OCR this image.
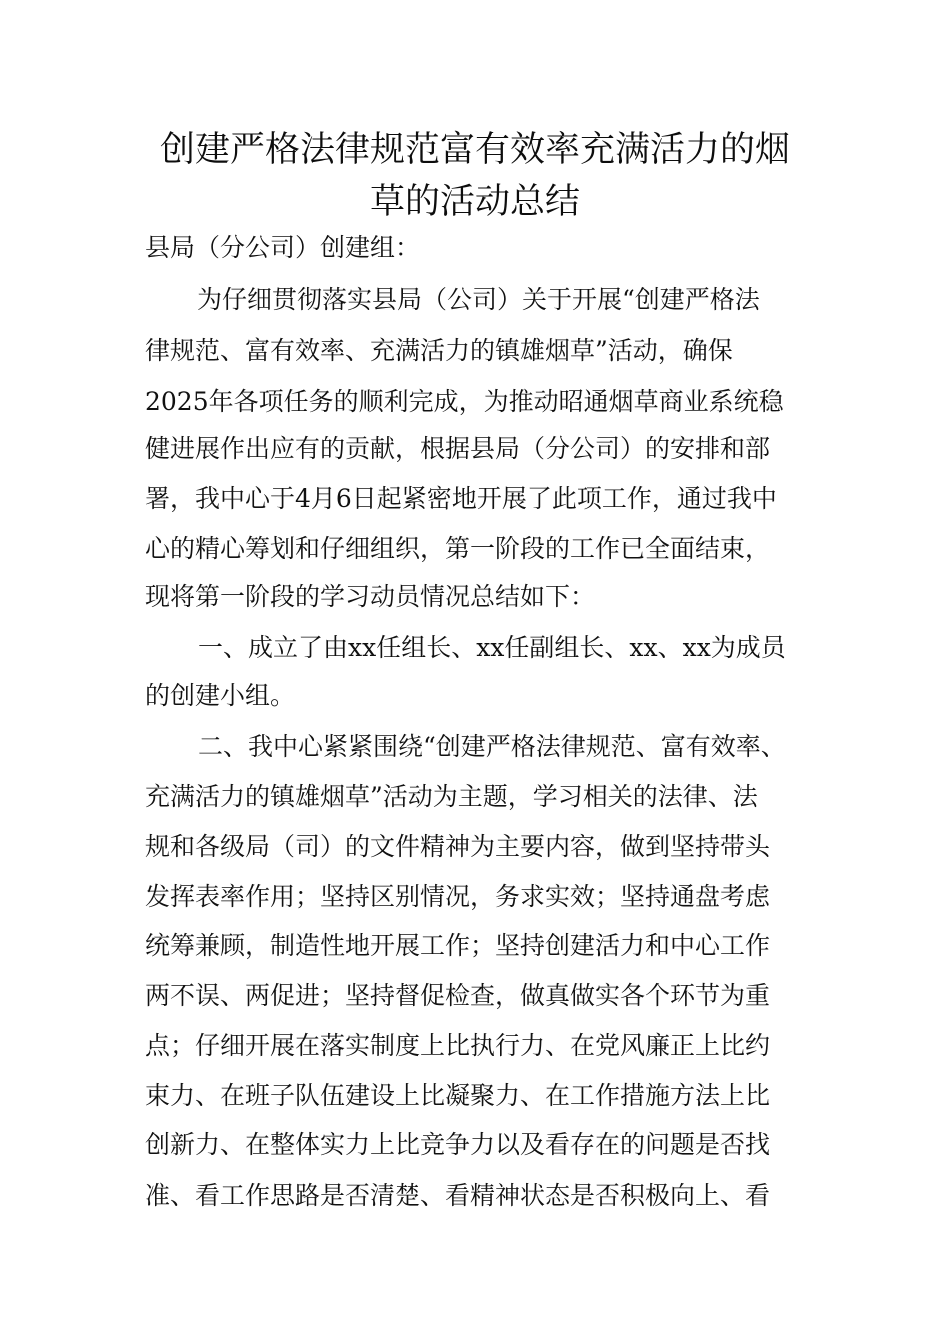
创建严格法律规范富有效率充满活力的烟
草的活动总结
县局（分公司）创建组：
为仔细贯彻落实县局（公司）关于开展“创建严格法
律规范、富有效率、充满活力的镇雄烟草”活动，确保
2025年各项任务的顺利完成，为推动昭通烟草商业系统稳
健进展作出应有的贡献，根据县局（分公司）的安排和部
署，我中心于4月6日起紧密地开展了此项工作，通过我中
心的精心筹划和仔细组织，第一阶段的工作已全面结束，
现将第一阶段的学习动员情况总结如下：
一、成立了由xx任组长、xx任副组长、xx、xx为成员
的创建小组。
二、我中心紧紧围绕“创建严格法律规范、富有效率、
充满活力的镇雄烟草”活动为主题，学习相关的法律、法
规和各级局（司）的文件精神为主要内容，做到坚持带头
发挥表率作用；坚持区别情况，务求实效；坚持通盘考虑
统筹兼顾，制造性地开展工作；坚持创建活力和中心工作
两不误、两促进；坚持督促检查，做真做实各个环节为重
点；仔细开展在落实制度上比执行力、在党风廉正上比约
束力、在班子队伍建设上比凝聚力、在工作措施方法上比
创新力、在整体实力上比竞争力以及看存在的问题是否找
准、看工作思路是否清楚、看精神状态是否积极向上、看
